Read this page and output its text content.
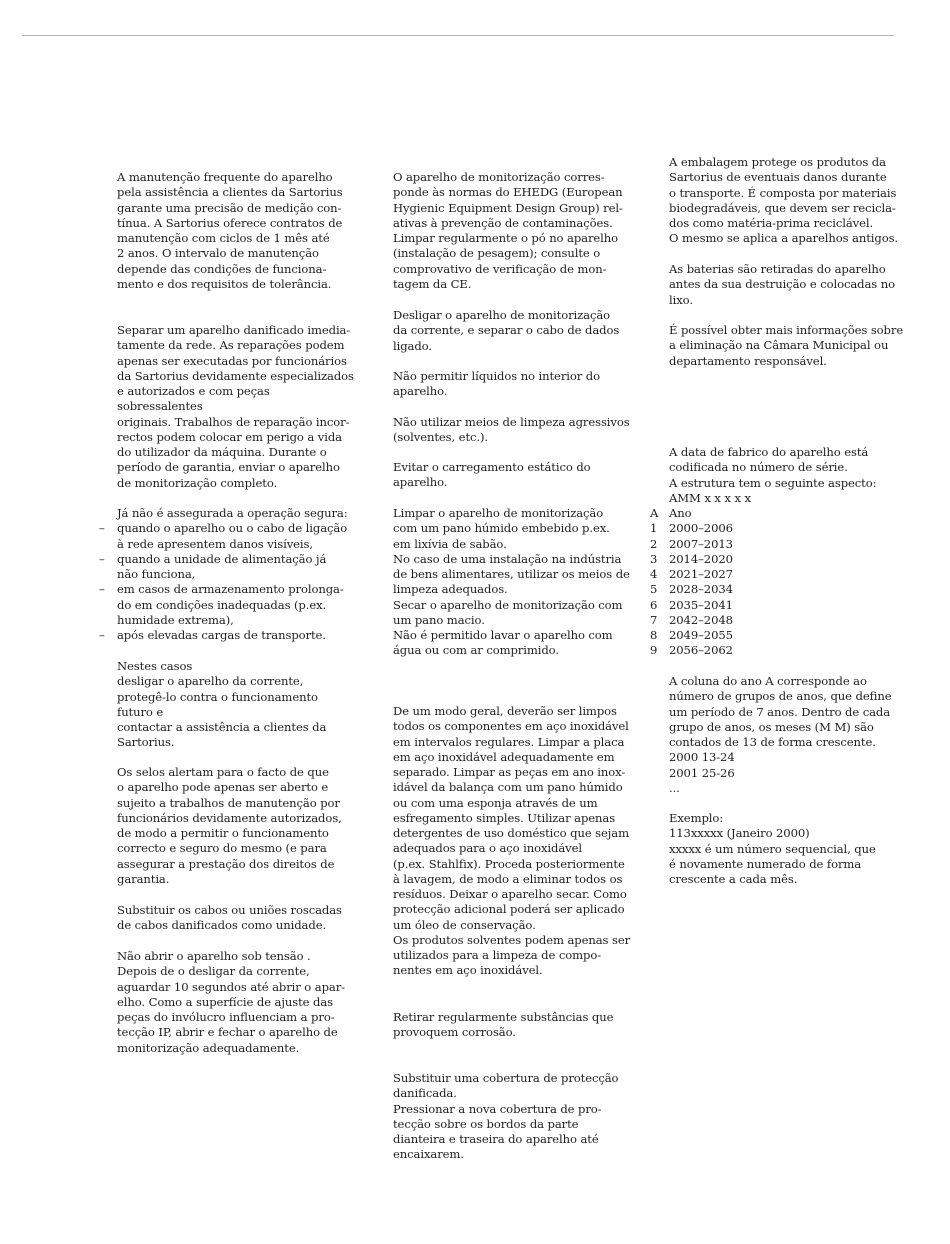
A manutenção frequente do aparelho
pela assistência a clientes da Sartorius
garante uma precisão de medição con-
tínua. A Sartorius oferece contratos de
manutenção com ciclos de 1 mês até
2 anos. O intervalo de manutenção
depende das condições de funciona-
mento e dos requisitos de tolerância.

Separar um aparelho danificado imedia-
tamente da rede. As reparações podem
apenas ser executadas por funcionários
da Sartorius devidamente especializados
e autorizados e com peças sobressalentes
originais. Trabalhos de reparação incor-
rectos podem colocar em perigo a vida
do utilizador da máquina. Durante o
período de garantia, enviar o aparelho
de monitorização completo.

Já não é assegurada a operação segura:

– quando o aparelho ou o cabo de ligação
à rede apresentem danos visíveis,

– quando a unidade de alimentação já
não funciona,

– em casos de armazenamento prolonga-
do em condições inadequadas (p.ex.
humidade extrema),

– após elevadas cargas de transporte.

Nestes casos
desligar o aparelho da corrente,
protegê-lo contra o funcionamento
futuro e
contactar a assistência a clientes da
Sartorius.

Os selos alertam para o facto de que
o aparelho pode apenas ser aberto e
sujeito a trabalhos de manutenção por
funcionários devidamente autorizados,
de modo a permitir o funcionamento
correcto e seguro do mesmo (e para
assegurar a prestação dos direitos de
garantia.

Substituir os cabos ou uniões roscadas
de cabos danificados como unidade.

Não abrir o aparelho sob tensão .
Depois de o desligar da corrente,
aguardar 10 segundos até abrir o apar-
elho. Como a superfície de ajuste das
peças do invólucro influenciam a pro-
tecção IP, abrir e fechar o aparelho de
monitorização adequadamente.

O aparelho de monitorização corres-
ponde às normas do EHEDG (European
Hygienic Equipment Design Group) rel-
ativas à prevenção de contaminações.
Limpar regularmente o pó no aparelho
(instalação de pesagem); consulte o
comprovativo de verificação de mon-
tagem da CE.

Desligar o aparelho de monitorização
da corrente, e separar o cabo de dados
ligado.

Não permitir líquidos no interior do
aparelho.

Não utilizar meios de limpeza agressivos
(solventes, etc.).

Evitar o carregamento estático do
aparelho.

Limpar o aparelho de monitorização
com um pano húmido embebido p.ex.
em lixívia de sabão.
No caso de uma instalação na indústria
de bens alimentares, utilizar os meios de
limpeza adequados.
Secar o aparelho de monitorização com
um pano macio.
Não é permitido lavar o aparelho com
água ou com ar comprimido.

De um modo geral, deverão ser limpos
todos os componentes em aço inoxidável
em intervalos regulares. Limpar a placa
em aço inoxidável adequadamente em
separado. Limpar as peças em ano inox-
idável da balança com um pano húmido
ou com uma esponja através de um
esfregamento simples. Utilizar apenas
detergentes de uso doméstico que sejam
adequados para o aço inoxidável
(p.ex. Stahlfix). Proceda posteriormente
à lavagem, de modo a eliminar todos os
resíduos. Deixar o aparelho secar. Como
protecção adicional poderá ser aplicado
um óleo de conservação.
Os produtos solventes podem apenas ser
utilizados para a limpeza de compo-
nentes em aço inoxidável.

Retirar regularmente substâncias que
provoquem corrosão.

Substituir uma cobertura de protecção
danificada.
Pressionar a nova cobertura de pro-
tecção sobre os bordos da parte
dianteira e traseira do aparelho até
encaixarem.

A embalagem protege os produtos da
Sartorius de eventuais danos durante
o transporte. É composta por materiais
biodegradáveis, que devem ser recicla-
dos como matéria-prima reciclável.
O mesmo se aplica a aparelhos antigos.

As baterias são retiradas do aparelho
antes da sua destruição e colocadas no
lixo.

É possível obter mais informações sobre
a eliminação na Câmara Municipal ou
departamento responsável.

A data de fabrico do aparelho está
codificada no número de série.
A estrutura tem o seguinte aspecto:
AMM x x x x x

A Ano

1 2000–2006

2 2007–2013

3 2014–2020

4 2021–2027

5 2028–2034

6 2035–2041

7 2042–2048

8 2049–2055

9 2056–2062

A coluna do ano A corresponde ao
número de grupos de anos, que define
um período de 7 anos. Dentro de cada
grupo de anos, os meses (M M) são
contados de 13 de forma crescente.
2000 13-24
2001 25-26
...

Exemplo:
113xxxxx (Janeiro 2000)
xxxxx é um número sequencial, que
é novamente numerado de forma
crescente a cada mês.
